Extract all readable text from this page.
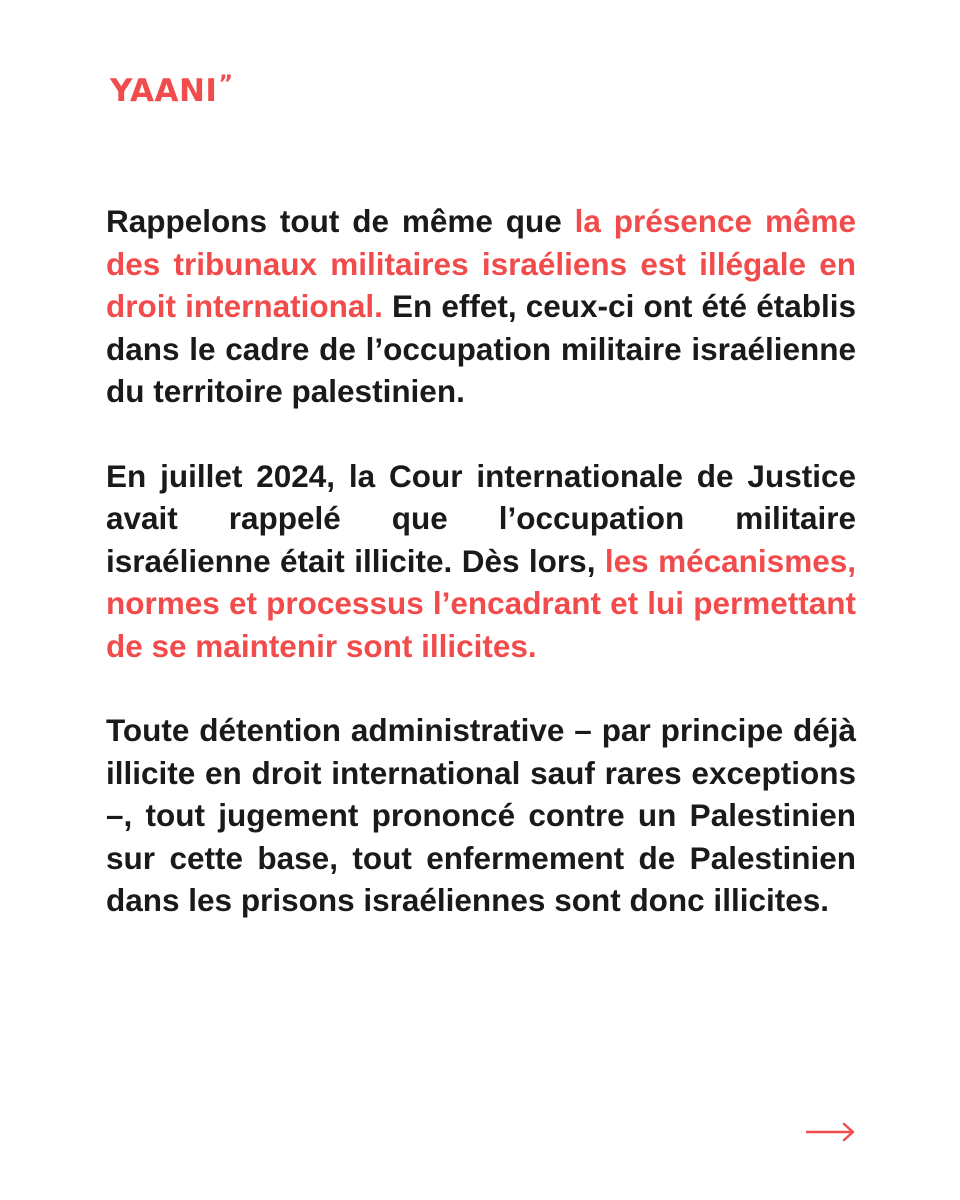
YAANI”

Rappelons tout de même que la présence même des tribunaux militaires israéliens est illégale en droit international. En effet, ceux-ci ont été établis dans le cadre de l’occupation militaire israélienne du territoire palestinien.

En juillet 2024, la Cour internationale de Justice avait rappelé que l’occupation militaire israélienne était illicite. Dès lors, les mécanismes, normes et processus l’encadrant et lui permettant de se maintenir sont illicites.

Toute détention administrative – par principe déjà illicite en droit international sauf rares exceptions –, tout jugement prononcé contre un Palestinien sur cette base, tout enfermement de Palestinien dans les prisons israéliennes sont donc illicites.
